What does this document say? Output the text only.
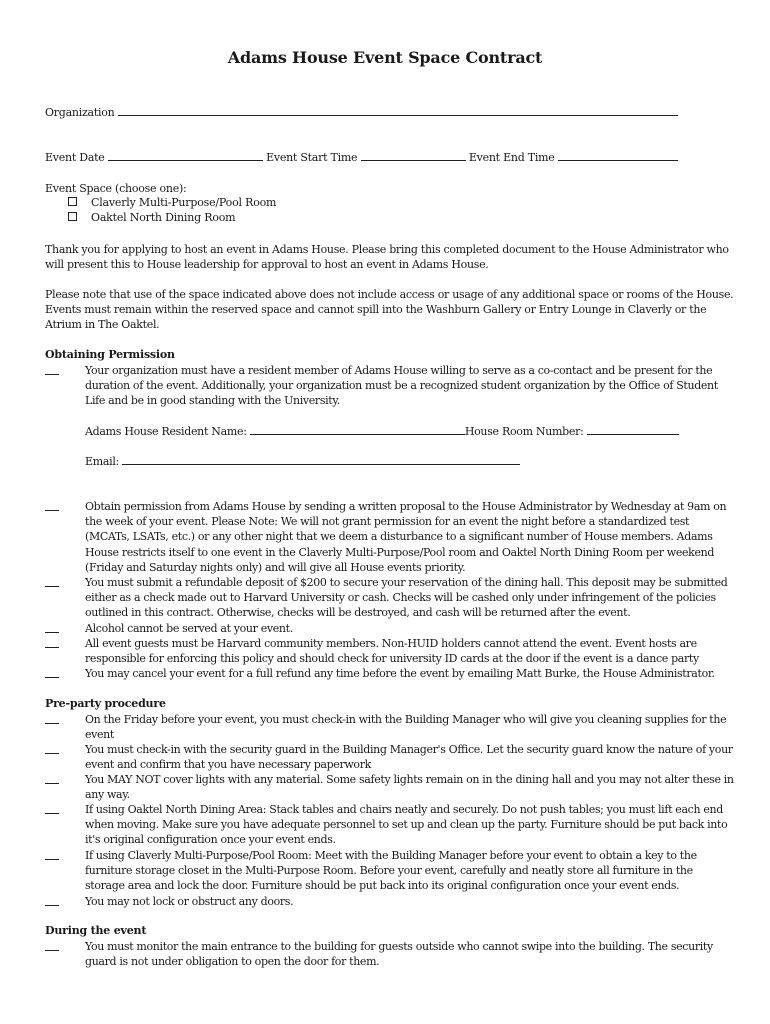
Adams House Event Space Contract
Organization
Event Date	Event Start Time	Event End Time
Event Space (choose one):
Claverly Multi-Purpose/Pool Room
Oaktel North Dining Room
Thank you for applying to host an event in Adams House. Please bring this completed document to the House Administrator who will present this to House leadership for approval to host an event in Adams House.
Please note that use of the space indicated above does not include access or usage of any additional space or rooms of the House. Events must remain within the reserved space and cannot spill into the Washburn Gallery or Entry Lounge in Claverly or the Atrium in The Oaktel.
Obtaining Permission
Your organization must have a resident member of Adams House willing to serve as a co-contact and be present for the duration of the event. Additionally, your organization must be a recognized student organization by the Office of Student Life and be in good standing with the University.
Adams House Resident Name:	House Room Number:
Email:
Obtain permission from Adams House by sending a written proposal to the House Administrator by Wednesday at 9am on the week of your event. Please Note: We will not grant permission for an event the night before a standardized test (MCATs, LSATs, etc.) or any other night that we deem a disturbance to a significant number of House members. Adams House restricts itself to one event in the Claverly Multi-Purpose/Pool room and Oaktel North Dining Room per weekend (Friday and Saturday nights only) and will give all House events priority.
You must submit a refundable deposit of $200 to secure your reservation of the dining hall. This deposit may be submitted either as a check made out to Harvard University or cash. Checks will be cashed only under infringement of the policies outlined in this contract. Otherwise, checks will be destroyed, and cash will be returned after the event.
Alcohol cannot be served at your event.
All event guests must be Harvard community members. Non-HUID holders cannot attend the event. Event hosts are responsible for enforcing this policy and should check for university ID cards at the door if the event is a dance party
You may cancel your event for a full refund any time before the event by emailing Matt Burke, the House Administrator.
Pre-party procedure
On the Friday before your event, you must check-in with the Building Manager who will give you cleaning supplies for the event
You must check-in with the security guard in the Building Manager's Office. Let the security guard know the nature of your event and confirm that you have necessary paperwork
You MAY NOT cover lights with any material. Some safety lights remain on in the dining hall and you may not alter these in any way.
If using Oaktel North Dining Area: Stack tables and chairs neatly and securely. Do not push tables; you must lift each end when moving. Make sure you have adequate personnel to set up and clean up the party. Furniture should be put back into it's original configuration once your event ends.
If using Claverly Multi-Purpose/Pool Room: Meet with the Building Manager before your event to obtain a key to the furniture storage closet in the Multi-Purpose Room. Before your event, carefully and neatly store all furniture in the storage area and lock the door. Furniture should be put back into its original configuration once your event ends.
You may not lock or obstruct any doors.
During the event
You must monitor the main entrance to the building for guests outside who cannot swipe into the building. The security guard is not under obligation to open the door for them.
